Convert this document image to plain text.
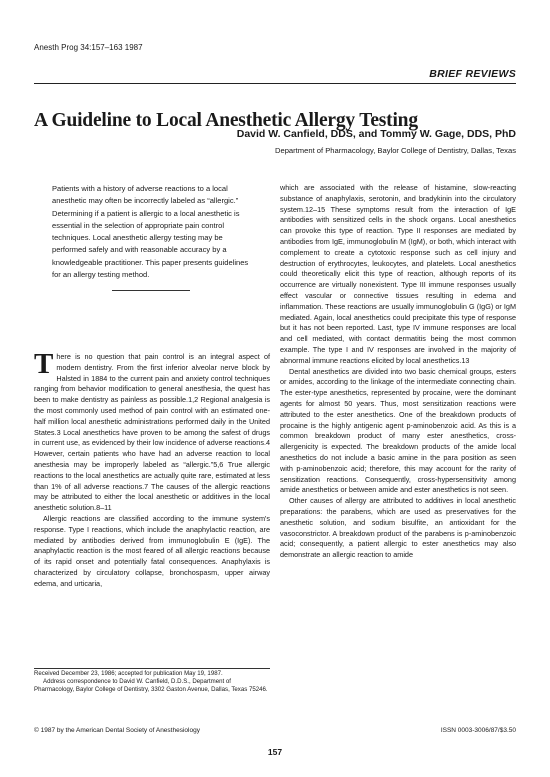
Anesth Prog 34:157–163 1987
BRIEF REVIEWS
A Guideline to Local Anesthetic Allergy Testing
David W. Canfield, DDS, and Tommy W. Gage, DDS, PhD
Department of Pharmacology, Baylor College of Dentistry, Dallas, Texas

Patients with a history of adverse reactions to a local anesthetic may often be incorrectly labeled as “allergic.” Determining if a patient is allergic to a local anesthetic is essential in the selection of appropriate pain control techniques. Local anesthetic allergy testing may be performed safely and with reasonable accuracy by a knowledgeable practitioner. This paper presents guidelines for an allergy testing method.

There is no question that pain control is an integral aspect of modern dentistry. From the first inferior alveolar nerve block by Halsted in 1884 to the current pain and anxiety control techniques ranging from behavior modification to general anesthesia, the quest has been to make dentistry as painless as possible.1,2 Regional analgesia is the most commonly used method of pain control with an estimated one-half million local anesthetic administrations performed daily in the United States.3 Local anesthetics have proven to be among the safest of drugs in current use, as evidenced by their low incidence of adverse reactions.4 However, certain patients who have had an adverse reaction to local anesthesia may be improperly labeled as “allergic.”5,6 True allergic reactions to the local anesthetics are actually quite rare, estimated at less than 1% of all adverse reactions.7 The causes of the allergic reactions may be attributed to either the local anesthetic or additives in the local anesthetic solution.8–11

Allergic reactions are classified according to the immune system's response. Type I reactions, which include the anaphylactic reaction, are mediated by antibodies derived from immunoglobulin E (IgE). The anaphylactic reaction is the most feared of all allergic reactions because of its rapid onset and potentially fatal consequences. Anaphylaxis is characterized by circulatory collapse, bronchospasm, upper airway edema, and urticaria,

which are associated with the release of histamine, slow-reacting substance of anaphylaxis, serotonin, and bradykinin into the circulatory system.12–15 These symptoms result from the interaction of IgE antibodies with sensitized cells in the shock organs. Local anesthetics can provoke this type of reaction. Type II responses are mediated by antibodies from IgE, immunoglobulin M (IgM), or both, which interact with complement to create a cytotoxic response such as cell injury and destruction of erythrocytes, leukocytes, and platelets. Local anesthetics could theoretically elicit this type of reaction, although reports of its occurrence are virtually nonexistent. Type III immune responses usually effect vascular or connective tissues resulting in edema and inflammation. These reactions are usually immunoglobulin G (IgG) or IgM mediated. Again, local anesthetics could precipitate this type of response but it has not been reported. Last, type IV immune responses are local and cell mediated, with contact dermatitis being the most common example. The type I and IV responses are involved in the majority of abnormal immune reactions elicited by local anesthetics.13

Dental anesthetics are divided into two basic chemical groups, esters or amides, according to the linkage of the intermediate connecting chain. The ester-type anesthetics, represented by procaine, were the dominant agents for almost 50 years. Thus, most sensitization reactions were attributed to the ester anesthetics. One of the breakdown products of procaine is the highly antigenic agent p-aminobenzoic acid. As this is a common breakdown product of many ester anesthetics, cross-allergenicity is expected. The breakdown products of the amide local anesthetics do not include a basic amine in the para position as seen with p-aminobenzoic acid; therefore, this may account for the rarity of sensitization reactions. Consequently, cross-hypersensitivity among amide anesthetics or between amide and ester anesthetics is not seen.

Other causes of allergy are attributed to additives in local anesthetic preparations: the parabens, which are used as preservatives for the anesthetic solution, and sodium bisulfite, an antioxidant for the vasoconstrictor. A breakdown product of the parabens is p-aminobenzoic acid; consequently, a patient allergic to ester anesthetics may also demonstrate an allergic reaction to amide

Received December 23, 1986; accepted for publication May 19, 1987.
Address correspondence to David W. Canfield, D.D.S., Department of Pharmacology, Baylor College of Dentistry, 3302 Gaston Avenue, Dallas, Texas 75246.
© 1987 by the American Dental Society of Anesthesiology	ISSN 0003-3006/87/$3.50
157
